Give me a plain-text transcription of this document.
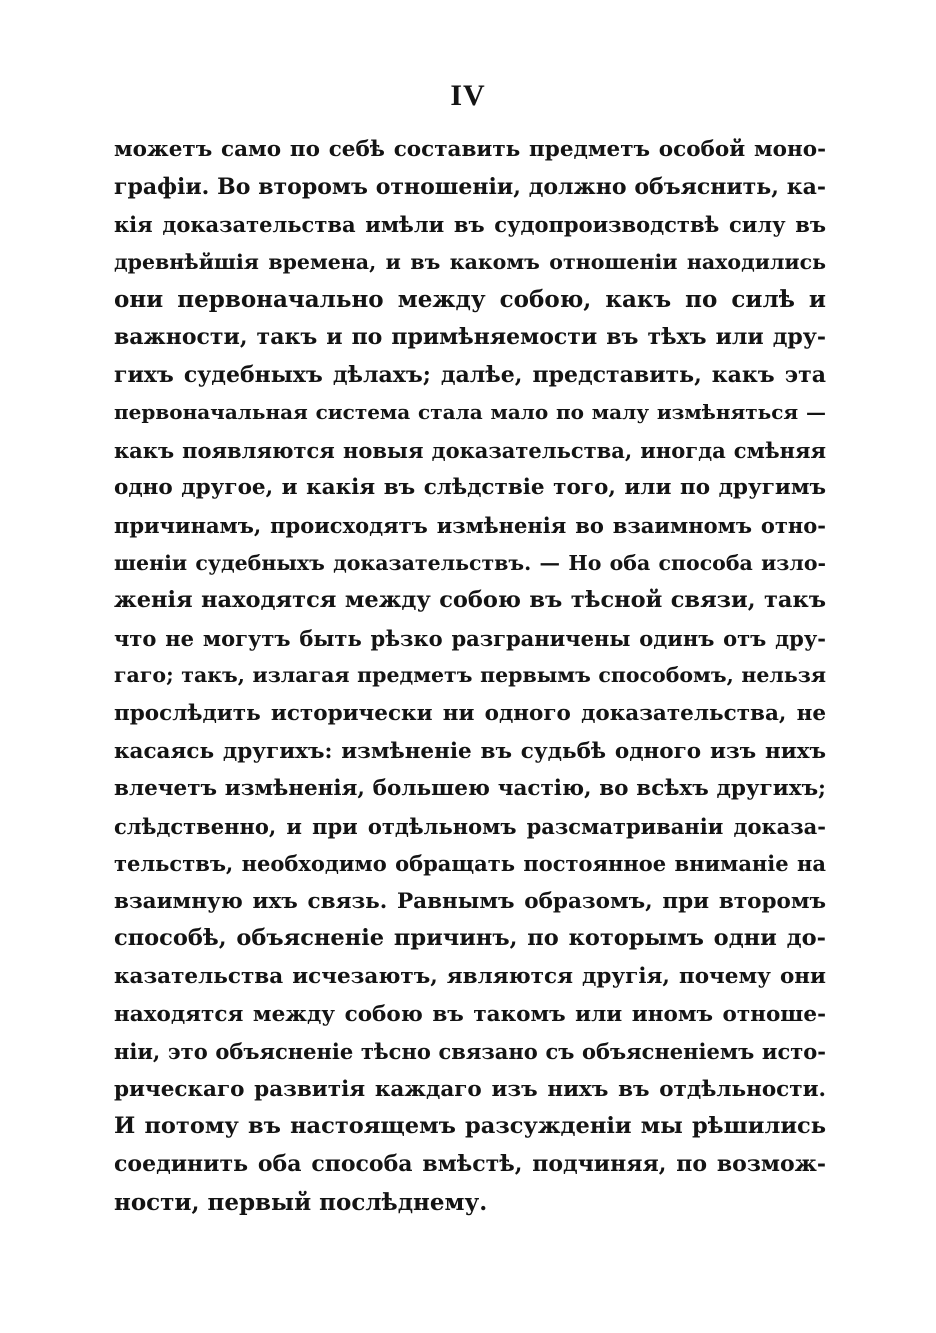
IV
можетъ само по себѣ составить предметъ особой моно-
графіи. Во второмъ отношеніи, должно объяснить, ка-
кія доказательства имѣли въ судопроизводствѣ силу въ
древнѣйшія времена, и въ какомъ отношеніи находились
они первоначально между собою, какъ по силѣ и
важности, такъ и по примѣняемости въ тѣхъ или дру-
гихъ судебныхъ дѣлахъ; далѣе, представить, какъ эта
первоначальная система стала мало по малу измѣняться —
какъ появляются новыя доказательства, иногда смѣняя
одно другое, и какія въ слѣдствіе того, или по другимъ
причинамъ, происходятъ измѣненія во взаимномъ отно-
шеніи судебныхъ доказательствъ. — Но оба способа изло-
женія находятся между собою въ тѣсной связи, такъ
что не могутъ быть рѣзко разграничены одинъ отъ дру-
гаго; такъ, излагая предметъ первымъ способомъ, нельзя
прослѣдить исторически ни одного доказательства, не
касаясь другихъ: измѣненіе въ судьбѣ одного изъ нихъ
влечетъ измѣненія, большею частію, во всѣхъ другихъ;
слѣдственно, и при отдѣльномъ разсматриваніи доказа-
тельствъ, необходимо обращать постоянное вниманіе на
взаимную ихъ связь. Равнымъ образомъ, при второмъ
способѣ, объясненіе причинъ, по которымъ одни до-
казательства исчезаютъ, являются другія, почему они
находятся между собою въ такомъ или иномъ отноше-
ніи, это объясненіе тѣсно связано съ объясненіемъ исто-
рическаго развитія каждаго изъ нихъ въ отдѣльности.
И потому въ настоящемъ разсужденіи мы рѣшились
соединить оба способа вмѣстѣ, подчиняя, по возмож-
ности, первый послѣднему.
